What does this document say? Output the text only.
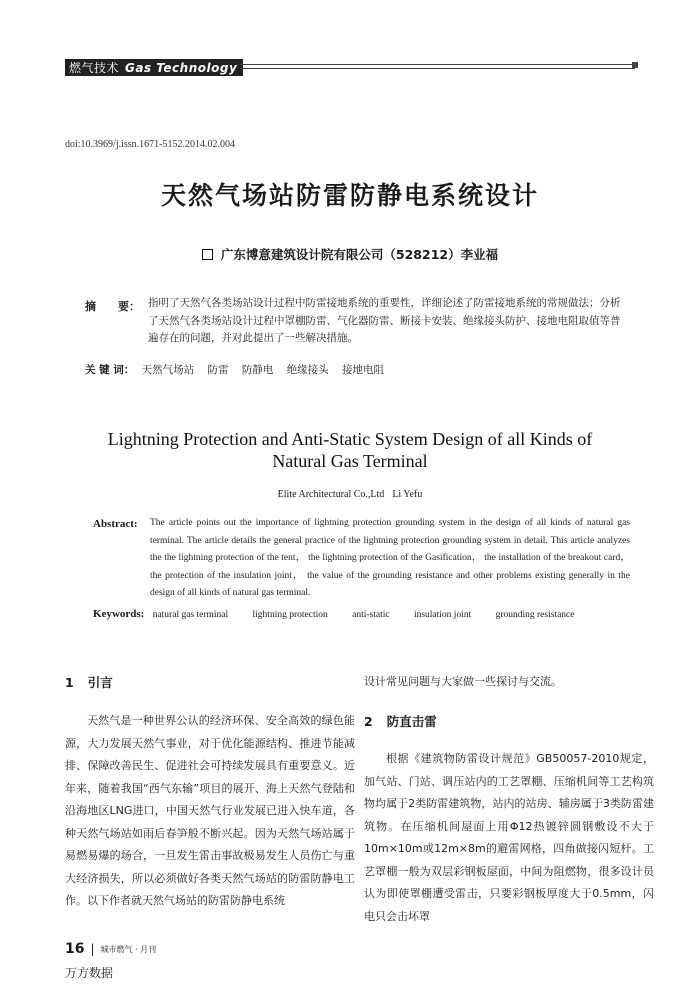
燃气技术 Gas Technology
doi:10.3969/j.issn.1671-5152.2014.02.004
天然气场站防雷防静电系统设计
广东博意建筑设计院有限公司（528212）李业福
摘　　要： 指明了天然气各类场站设计过程中防雷接地系统的重要性，详细论述了防雷接地系统的常规做法；分析了天然气各类场站设计过程中罩棚防雷、气化器防雷、断接卡安装、绝缘接头防护、接地电阻取值等普遍存在的问题，并对此提出了一些解决措施。
关 键 词： 天然气场站 防雷 防静电 绝缘接头 接地电阻
Lightning Protection and Anti-Static System Design of all Kinds of
Natural Gas Terminal
Elite Architectural Co.,Ltd Li Yefu
Abstract: The article points out the importance of lightning protection grounding system in the design of all kinds of natural gas terminal. The article details the general practice of the lightning protection grounding system in detail. This article analyzes the the lightning protection of the tent， the lightning protection of the Gasification， the installation of the breakout card， the protection of the insulation joint， the value of the grounding resistance and other problems existing generally in the design of all kinds of natural gas terminal.
Keywords: natural gas terminal	lightning protection	anti-static	insulation joint	grounding resistance
1 引言

天然气是一种世界公认的经济环保、安全高效的绿色能源，大力发展天然气事业，对于优化能源结构、推进节能减排、保障改善民生、促进社会可持续发展具有重要意义。近年来，随着我国“西气东输”项目的展开、海上天然气登陆和沿海地区LNG进口，中国天然气行业发展已进入快车道，各种天然气场站如雨后春笋般不断兴起。因为天然气场站属于易燃易爆的场合，一旦发生雷击事故极易发生人员伤亡与重大经济损失，所以必须做好各类天然气场站的防雷防静电工作。以下作者就天然气场站的防雷防静电系统

设计常见问题与大家做一些探讨与交流。

2 防直击雷

根据《建筑物防雷设计规范》GB50057-2010规定，加气站、门站、调压站内的工艺罩棚、压缩机间等工艺构筑物均属于2类防雷建筑物，站内的站房、辅房属于3类防雷建筑物。在压缩机间屋面上用Φ12热镀锌圆钢敷设不大于10m×10m或12m×8m的避雷网格，四角做接闪短杆。工艺罩棚一般为双层彩钢板屋面，中间为阻燃物，很多设计员认为即使罩棚遭受雷击，只要彩钢板厚度大于0.5mm，闪电只会击坏罩

16 | 城市燃气 · 月刊
万方数据
